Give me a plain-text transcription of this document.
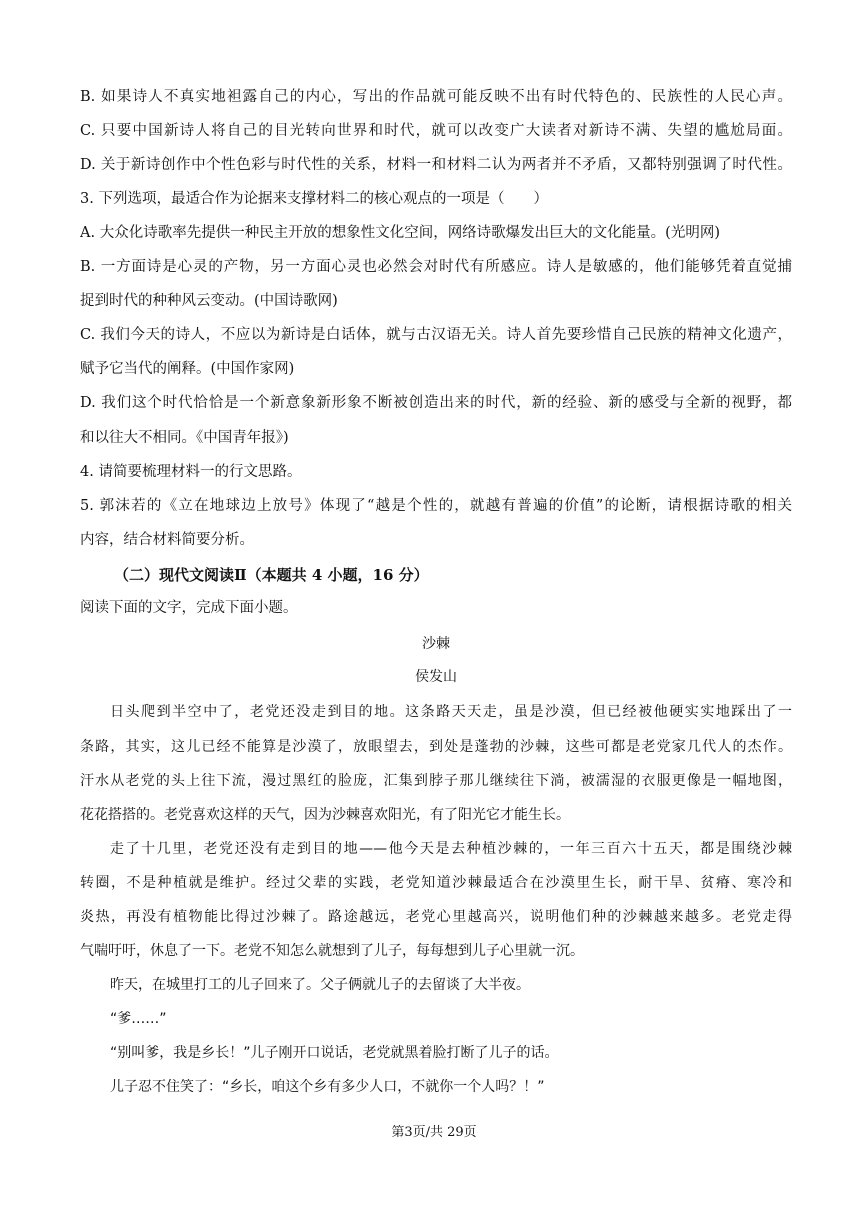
B. 如果诗人不真实地袒露自己的内心，写出的作品就可能反映不出有时代特色的、民族性的人民心声。
C. 只要中国新诗人将自己的目光转向世界和时代，就可以改变广大读者对新诗不满、失望的尴尬局面。
D. 关于新诗创作中个性色彩与时代性的关系，材料一和材料二认为两者并不矛盾，又都特别强调了时代性。
3. 下列选项，最适合作为论据来支撑材料二的核心观点的一项是（　　）
A. 大众化诗歌率先提供一种民主开放的想象性文化空间，网络诗歌爆发出巨大的文化能量。(光明网)
B. 一方面诗是心灵的产物，另一方面心灵也必然会对时代有所感应。诗人是敏感的，他们能够凭着直觉捕
捉到时代的种种风云变动。(中国诗歌网)
C. 我们今天的诗人，不应以为新诗是白话体，就与古汉语无关。诗人首先要珍惜自己民族的精神文化遗产，
赋予它当代的阐释。(中国作家网)
D. 我们这个时代恰恰是一个新意象新形象不断被创造出来的时代，新的经验、新的感受与全新的视野，都
和以往大不相同。《中国青年报》)
4. 请简要梳理材料一的行文思路。
5. 郭沫若的《立在地球边上放号》体现了“越是个性的，就越有普遍的价值”的论断，请根据诗歌的相关
内容，结合材料简要分析。
（二）现代文阅读Ⅱ（本题共 4 小题，16 分）
阅读下面的文字，完成下面小题。
沙棘
侯发山
日头爬到半空中了，老党还没走到目的地。这条路天天走，虽是沙漠，但已经被他硬实实地踩出了一
条路，其实，这儿已经不能算是沙漠了，放眼望去，到处是蓬勃的沙棘，这些可都是老党家几代人的杰作。
汗水从老党的头上往下流，漫过黑红的脸庞，汇集到脖子那儿继续往下淌，被濡湿的衣服更像是一幅地图，
花花搭搭的。老党喜欢这样的天气，因为沙棘喜欢阳光，有了阳光它才能生长。
走了十几里，老党还没有走到目的地——他今天是去种植沙棘的，一年三百六十五天，都是围绕沙棘
转圈，不是种植就是维护。经过父辈的实践，老党知道沙棘最适合在沙漠里生长，耐干旱、贫瘠、寒冷和
炎热，再没有植物能比得过沙棘了。路途越远，老党心里越高兴，说明他们种的沙棘越来越多。老党走得
气喘吁吁，休息了一下。老党不知怎么就想到了儿子，每每想到儿子心里就一沉。
昨天，在城里打工的儿子回来了。父子俩就儿子的去留谈了大半夜。
“爹……”
“别叫爹，我是乡长！”儿子刚开口说话，老党就黑着脸打断了儿子的话。
儿子忍不住笑了：“乡长，咱这个乡有多少人口，不就你一个人吗？！”
第3页/共 29页
